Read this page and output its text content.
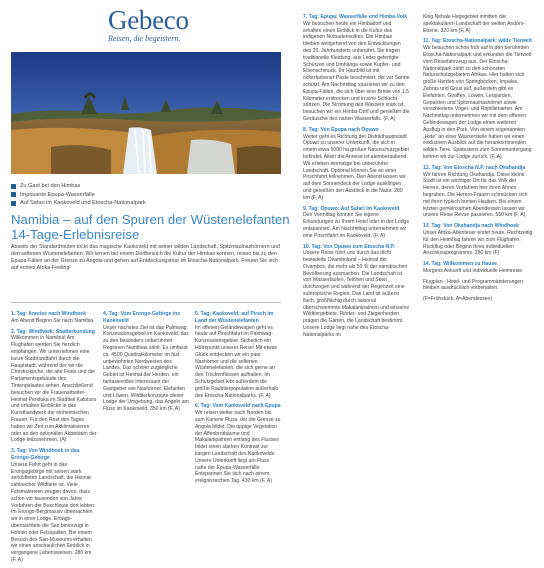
Gebeco
Reisen, die begeistern.
Zu Gast bei den Himbas
Imposante Epupa-Wasserfälle
Auf Safari im Kaokoveld und Etoscha-Nationalpark
Namibia – auf den Spuren der Wüstenelefanten
14-Tage-Erlebnisreise
Abseits der Standardrouten lockt das magische Kaokoveld mit seiner wilden Landschaft, Spitzmaulnashörnern und den seltenen Wüstenelefanten. Wir lernen bei einem Dorfbesuch die Kultur der Himbas kennen, reisen bis zu den Epupa-Fällen an der Grenze zu Angola und gehen auf Entdeckungstour im Etoscha-Nationalpark. Freuen Sie sich auf echtes Afrika-Feeling!

1. Tag: Anreise nach Windhoek
Am Abend Beginn Sie nach Namibia.

2. Tag: Windhoek: Stadterkundung
Willkommen in Namibia! Am Flughafen werden Sie herzlich empfangen. Wir unternehmen eine kurze Stadtrundfahrt durch die Hauptstadt, während der wir die Christuskirche, die alte Feste und die Parlamentsgebäude des Tintenpalastes sehen. Anschließend besuchen wir die Frauenarbeiter-Heimat Penduka im Stadtteil Katutura und erhalten Einblicke in das Kunsthandwerk der einheimischen Frauen. Für den Rest des Tages haben wir Zeit zum Akklimatisieren oder an den optionalen Aktivitäten der Lodge teilzunehmen. (A)

3. Tag: Von Windhoek in das Erongo-Gebirge
Unsere Fahrt geht in das Erongogebirge mit seinen stark zerklüfteten Landschaft, die Heimat zahlreicher Wildtiere ist. Viele Felsmalereien zeugen davon, dass schon vor tausenden von Jahre Vorfahren der Buschleute dort lebten. Im Erongo-Bergmassiv übernachten wir in einer Lodge. Erongo-übernachtete die San bevorzugt in Höhlen oder Felsspalten. Bei einem Besuch des San-Museums erhalten wir einen anschaulichen Einblick in vergangene Lebensweisen. 280 km (F, A)

4. Tag: Vom Erongo-Gebirge ins Kaokoveld
Unser nächstes Ziel ist das Palmwag Konzessionsgebiet im Kaokoveld, das zu den besonders unberührten Regionen Namibias zählt. Es umfasst ca. 4500 Quadratkilometer im fast unbewohnten Nordwesten des Landes. Das schwer zugängliche Gebiet ist Heimat der Herden, ein fantasievolles Interessant der Gastgeber wie Nashörner, Elefanten und Löwen. Wildtierkonzepte dieser Lodge der Umgebung, das Angeln am Fluss im Kaokoveld. 350 km (F, A)

5. Tag: Kaokoveld: auf Pirsch im Land der Wüstenelefanten
Im offenen Geländewagen geht es heute auf Pirschfahrt im Palmwag-Konzessionsgebiet. Sicherlich ein Höhepunkt unserer Reise! Mit etwas Glück entdecken wir ein paar Nashörner und die seltenen Wüstenelefanten, die sich gerne an den Trockenflüssen aufhalten. Im Schutzgebiet lebt außerdem die größte Raubtierpopulation außerhalb des Etoscha-Nationalparks. (F, A)

6. Tag: Vom Kaokoveld nach Epupa
Wir reisen weiter nach Norden bis zum Kunene Fluss, der die Grenze zu Angola bildet. Die üppige Vegetation der Affenbrotbäume und Makalanipalmen entlang des Flusses bildet einen starken Kontrast zur kargen Landschaft des Kaokovelds. Unsere Unterkunft liegt am Fluss nahe der Epupa-Wasserfälle: Entspannen Sie sich nach einem ereignisreichen Tag. 430 km (F, A)

7. Tag: Epupa: Wasserfälle und Himba-Volk
Wir besuchen heute ein Himbadorf und erhalten einen Einblick in die Kultur des indigenen Nomadenvolkes. Die Himbas blieben weitgehend von den Entwicklungen des 20. Jahrhunderts unberührt. Sie tragen traditionelle Kleidung: aus Leder gefertigte Schürzen und Umhänge sowie Kupfer- und Eisenschmuck. Ihr Hautbild ist mit ockerfarbener Paste beschmiert, die vor Sonne schützt. Am Nachmittag spazieren wir zu den Epupa-Fällen, die sich über eine Breite von 1,5 Kilometer erstrecken und in eine Schlucht stürzen. Die Strömung des Wassers stark ist, besuchen wir ein Himba-Dorf und genießen die Geräusche des nahen Wasserfalls. (F, A)

8. Tag: Von Epupa nach Opuwo
Weiter geht es Richtung der Distrikthauptstadt Opuwo zu unserer Unterkunft, die sich in einem etwa 6000 ha großen Naturschutzgebiet befindet. Allein die Anreise ist atemberaubend. Wir erleben einmalige bei unberührter Landschaft. Optional können Sie an einer Pirschfahrt teilnehmen. Den Abend lassen wir auf dem Sonnendeck der Lodge ausklingen und genießen den Ausblick in die Natur. 280 km (F, A)

9. Tag: Opuwo: Auf Safari im Kaokoveld
Den Vormittag können Sie eigene Erkundungen zu Ihrem Hotel oder in der Lodge entspannen. Am Nachmittag unternehmen wir eine Pirschfahrt im Kaokoveld. (F, A)

10. Tag: Von Opuwo zum Etoscha N.P.
Unsere Reise führt uns durch das dicht besiedelte Ovamboland – Heimat der Ovambos, die mehr als 50 % der namibischen Bevölkerung ausmachen. Die Landschaft ist von Wasserläufen, Teichen und Seen durchzogen und während der Regenzeit eine subtropische Region. Das Land ist äußerst flach, großflächig durch saisonal überschwemmte Makalanipalmen und einzelne Wildtiergebiete. Rinder- und Ziegenherden prägen die Gärten, die Landschaft bestimmt. Unsere Lodge liegt nahe des Etoscha-Nationalparks im

King Nehale Hegegebiet inmitten der spektakulären Landschaft der weiten Andoni-Ebene. 320 km (F, A)

11. Tag: Etoscha-Nationalpark: wilde Tierwelt
Wir besuchen schon früh auf in den berühmten Etoscha-Nationalpark und erkunden die Tierwelt vom Reisefahrzeug aus. Der Etoscha-Nationalpark zählt zu den schönsten Naturschutzgebieten Afrikas. Hier halten sich große Herden von Springböcken, Impalas, Zebras und Gnus auf, außerdem gibt es Elefanten, Giraffen, Löwen, Leoparden, Geparden und Spitzmaulnashörner sowie verschiedene Vögel- und Reptilienarten. Am Nachmittag unternehmen wir mit dem offenen Geländewagen der Lodge einen weiteren Ausflug in den Park. Von einem sogenannten „Hide“ an einer Wasserstelle haben wir einen exklusiven Ausblick auf die herankommenden wilden Tiere. Spätestens zum Sonnenuntergang kehren wir zur Lodge zurück. (F, A)

12. Tag: Von Etoscha N.P. nach Okahandja
Wir fahren Richtung Okahandja. Diese kleine Stadt ist ein wichtiger Ort für das Volk der Herero, deren Vorfahren hier ihren Ahnen begraben. Die Herero-Frauen schmücken sich mit ihren typisch bunten Hauben. Bei einem letzten gemeinsamen Abendessen lassen wir unsere Reise Revue passieren. 550 km (F, A)

13. Tag: Von Okahandja nach Windhoek
Unser Afrika-Abenteuer endet heute. Rechtzeitig für den Heimflug fahren wir zum Flughafen. Rückflug oder Beginn Ihres individuellen Anschlussprogramms. 280 km (F)

14. Tag: Willkommen zu Hause
Morgens Ankunft und individuelle Heimreise.

Flugplan-, Hotel- und Programmänderungen bleiben ausdrücklich vorbehalten.

(F=Frühstück, A=Abendessen)
